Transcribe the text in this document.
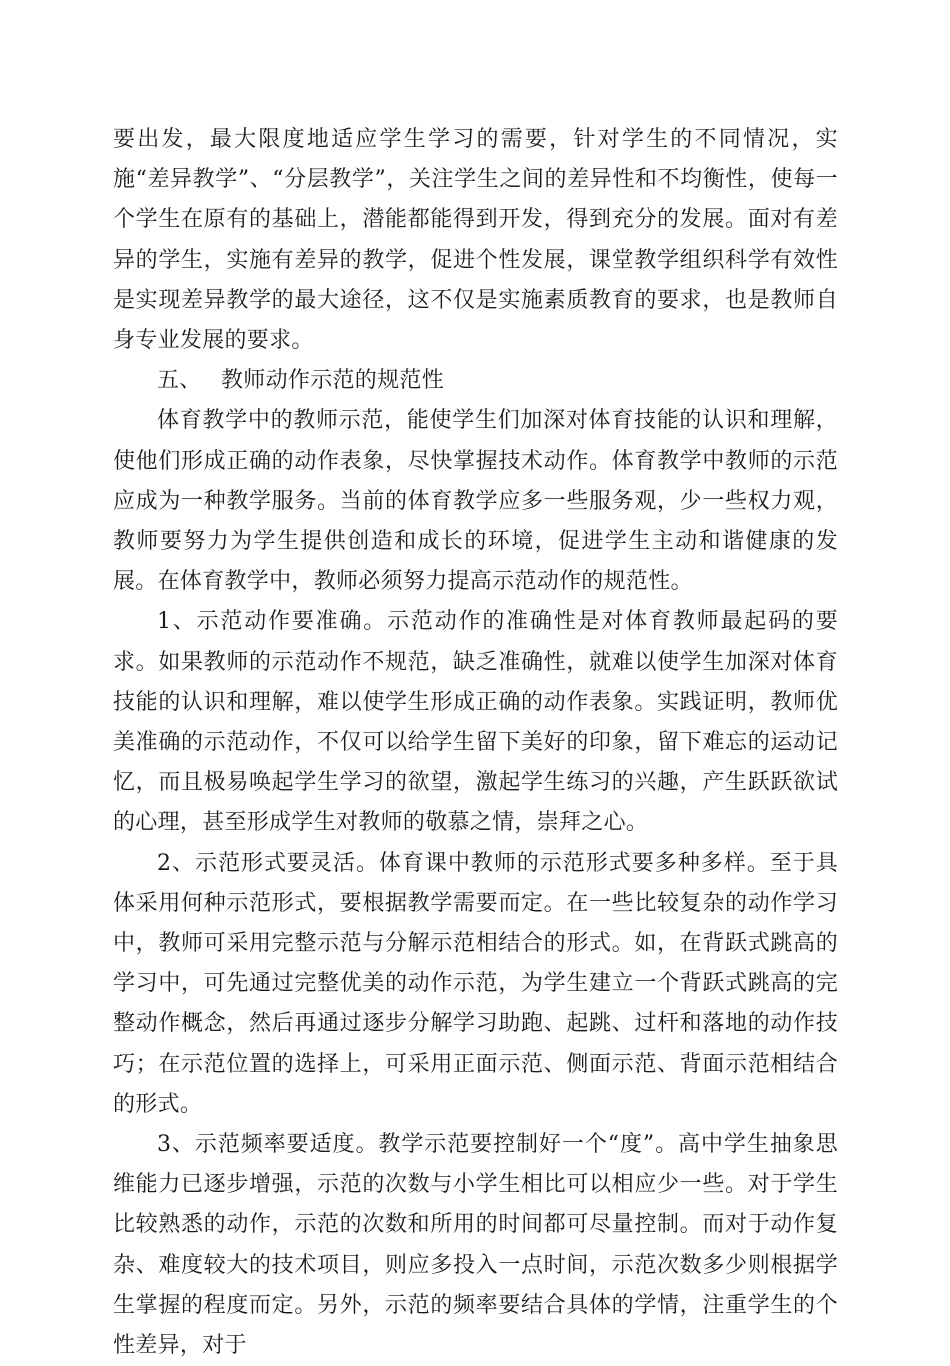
要出发，最大限度地适应学生学习的需要，针对学生的不同情况，实施“差异教学”、“分层教学”，关注学生之间的差异性和不均衡性，使每一个学生在原有的基础上，潜能都能得到开发，得到充分的发展。面对有差异的学生，实施有差异的教学，促进个性发展，课堂教学组织科学有效性是实现差异教学的最大途径，这不仅是实施素质教育的要求，也是教师自身专业发展的要求。

五、 教师动作示范的规范性

体育教学中的教师示范，能使学生们加深对体育技能的认识和理解，使他们形成正确的动作表象，尽快掌握技术动作。体育教学中教师的示范应成为一种教学服务。当前的体育教学应多一些服务观，少一些权力观，教师要努力为学生提供创造和成长的环境，促进学生主动和谐健康的发展。在体育教学中，教师必须努力提高示范动作的规范性。

1、示范动作要准确。示范动作的准确性是对体育教师最起码的要求。如果教师的示范动作不规范，缺乏准确性，就难以使学生加深对体育技能的认识和理解，难以使学生形成正确的动作表象。实践证明，教师优美准确的示范动作，不仅可以给学生留下美好的印象，留下难忘的运动记忆，而且极易唤起学生学习的欲望，激起学生练习的兴趣，产生跃跃欲试的心理，甚至形成学生对教师的敬慕之情，崇拜之心。

2、示范形式要灵活。体育课中教师的示范形式要多种多样。至于具体采用何种示范形式，要根据教学需要而定。在一些比较复杂的动作学习中，教师可采用完整示范与分解示范相结合的形式。如，在背跃式跳高的学习中，可先通过完整优美的动作示范，为学生建立一个背跃式跳高的完整动作概念，然后再通过逐步分解学习助跑、起跳、过杆和落地的动作技巧；在示范位置的选择上，可采用正面示范、侧面示范、背面示范相结合的形式。

3、示范频率要适度。教学示范要控制好一个“度”。高中学生抽象思维能力已逐步增强，示范的次数与小学生相比可以相应少一些。对于学生比较熟悉的动作，示范的次数和所用的时间都可尽量控制。而对于动作复杂、难度较大的技术项目，则应多投入一点时间，示范次数多少则根据学生掌握的程度而定。另外，示范的频率要结合具体的学情，注重学生的个性差异，对于
